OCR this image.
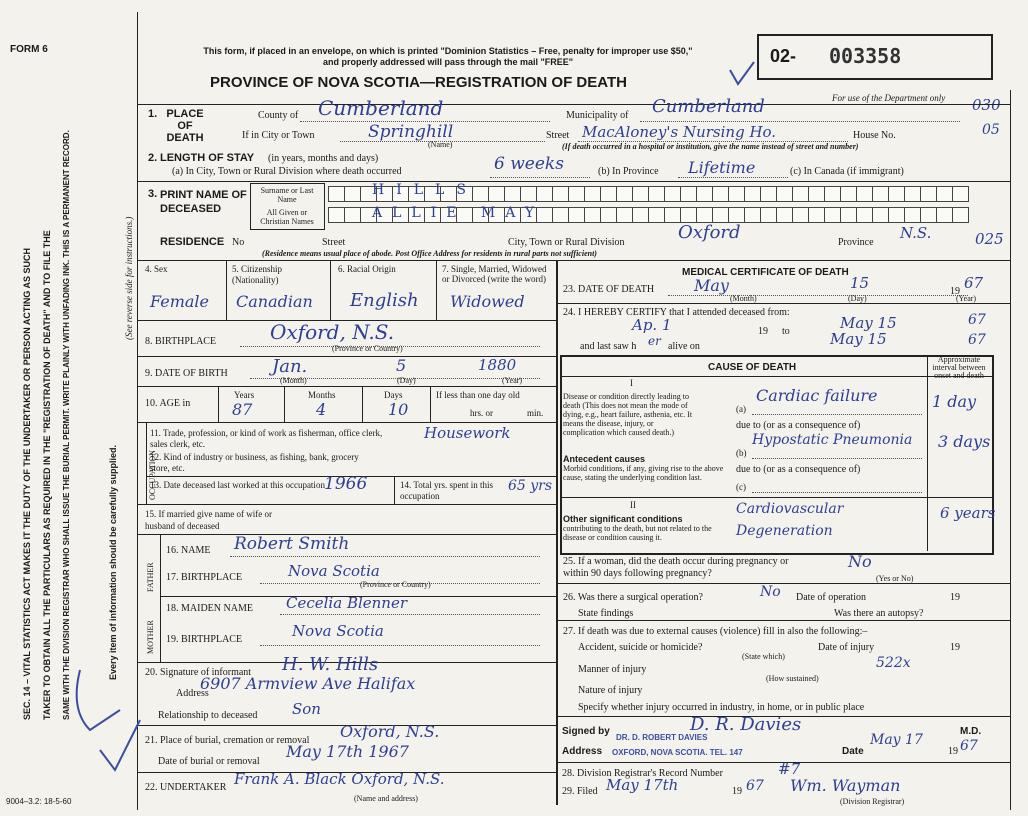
FORM 6
9004–3.2: 18-5-60
SEC. 14 – VITAL STATISTICS ACT MAKES IT THE DUTY OF THE UNDERTAKER OR PERSON ACTING AS SUCH TAKER TO OBTAIN ALL THE PARTICULARS AS REQUIRED IN THE "REGISTRATION OF DEATH" AND TO FILE THE SAME WITH THE DIVISION REGISTRAR WHO SHALL ISSUE THE BURIAL PERMIT. WRITE PLAINLY WITH UNFADING INK. THIS IS A PERMANENT RECORD.	Every item of information should be carefully supplied.
(See reverse side for instructions.)
This form, if placed in an envelope, on which is printed "Dominion Statistics – Free, penalty for improper use $50," and properly addressed will pass through the mail "FREE"
PROVINCE OF NOVA SCOTIA—REGISTRATION OF DEATH
02- 003358
For use of the Department only 030
05
025
1. PLACE OF DEATH
County of Cumberland	Municipality of Cumberland
If in City or Town	Springhill
(Name)
Street MacAloney's Nursing Ho.	House No.
(If death occurred in a hospital or institution, give the name instead of street and number)
2. LENGTH OF STAY (in years, months and days)
(a) In City, Town or Rural Division where death occurred	6 weeks	(b) In Province Lifetime	(c) In Canada (if immigrant)
3. PRINT NAME OF DECEASED
Surname or Last Name
All Given or Christian Names
HILLS
ALLIE MAY
RESIDENCE No	Street	City, Town or Rural Division	Oxford	Province
N.S.
(Residence means usual place of abode. Post Office Address for residents in rural parts not sufficient)
4. Sex	5. Citizenship (Nationality)
6. Racial Origin	7. Single, Married, Widowed or Divorced (write the word)
Female Canadian English Widowed
8. BIRTHPLACE	Oxford, N.S.
(Province or Country)
9. DATE OF BIRTH Jan.	5	1880
(Month)	(Day)	(Year)
10. AGE in
Years	Months	Days
87	4	10
If less than one day old
hrs. or	min.
OCCUPATION
11. Trade, profession, or kind of work as fisherman, office clerk, sales clerk, etc.
Housework
12. Kind of industry or business, as fishing, bank, grocery store, etc.
13. Date deceased last worked at this occupation 1966	14. Total yrs. spent in this occupation
65 yrs
15. If married give name of wife or husband of deceased
FATHER
MOTHER
16. NAME Robert Smith
17. BIRTHPLACE	Nova Scotia
(Province or Country)
18. MAIDEN NAME Cecelia Blenner
19. BIRTHPLACE	Nova Scotia
20. Signature of informant H. W. Hills
Address
6907 Armview Ave Halifax
Relationship to deceased Son
21. Place of burial, cremation or removal Oxford, N.S.
Date of burial or removal
May 17th 1967
22. UNDERTAKER Frank A. Black Oxford, N.S.
(Name and address)
MEDICAL CERTIFICATE OF DEATH
23. DATE OF DEATH May	15	19 67
(Month)	(Day)	(Year)
24. I HEREBY CERTIFY that I attended deceased from:
Ap. 1	to	May 15
19
67
and last saw h er alive on	May 15	67
CAUSE OF DEATH
Approximate interval between onset and death
I
Disease or condition directly leading to death (This does not mean the mode of dying, e.g., heart failure, asthenia, etc. It means the disease, injury, or complication which caused death.)
(a)
Cardiac failure	1 day
due to (or as a consequence of)
Antecedent causes
Morbid conditions, if any, giving rise to the above cause, stating the underlying condition last.
(b)
Hypostatic Pneumonia 3 days
due to (or as a consequence of)
(c)
II
Other significant conditions
contributing to the death, but not related to the disease or condition causing it.
Cardiovascular Degeneration
6 years
25. If a woman, did the death occur during pregnancy or within 90 days following pregnancy?
No
(Yes or No)
26. Was there a surgical operation?	No Date of operation	19
State findings	Was there an autopsy?
27. If death was due to external causes (violence) fill in also the following:–
Accident, suicide or homicide?
(State which)
Date of injury	19
Manner of injury	522x
(How sustained)
Nature of injury
Specify whether injury occurred in industry, in home, or in public place
Signed by	D. R. Davies
DR. D. ROBERT DAVIES
M.D.
Address OXFORD, NOVA SCOTIA. TEL. 147	Date
May 17
19 67
28. Division Registrar's Record Number	#7
29. Filed May 17th	19 67 Wm. Wayman
(Division Registrar)
